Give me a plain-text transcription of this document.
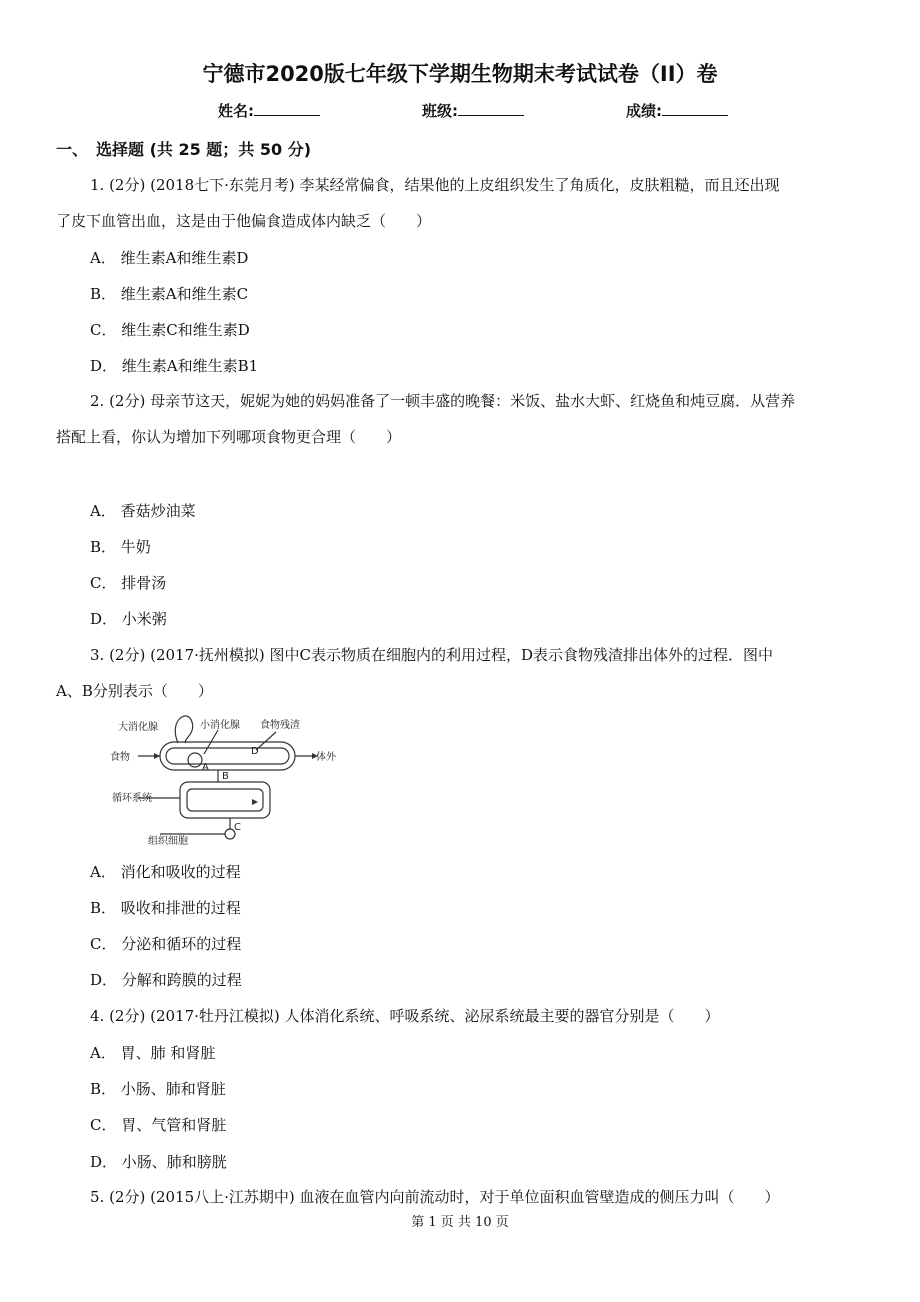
宁德市2020版七年级下学期生物期末考试试卷（II）卷
姓名:	班级:	成绩:
一、　选择题 (共 25 题；共 50 分)
1. (2分) (2018七下·东莞月考) 李某经常偏食，结果他的上皮组织发生了角质化，皮肤粗糙，而且还出现
了皮下血管出血，这是由于他偏食造成体内缺乏（　　）
A． 维生素A和维生素D
B． 维生素A和维生素C
C． 维生素C和维生素D
D． 维生素A和维生素B1
2. (2分) 母亲节这天，妮妮为她的妈妈准备了一顿丰盛的晚餐：米饭、盐水大虾、红烧鱼和炖豆腐．从营养
搭配上看，你认为增加下列哪项食物更合理（　　）
A． 香菇炒油菜
B． 牛奶
C． 排骨汤
D． 小米粥
3. (2分) (2017·抚州模拟) 图中C表示物质在细胞内的利用过程，D表示食物残渣排出体外的过程．图中
A、B分别表示（　　）
大消化腺	小消化腺 食物残渣
食物	体外
循环系统
组织细胞
A
B
C
D
A． 消化和吸收的过程
B． 吸收和排泄的过程
C． 分泌和循环的过程
D． 分解和跨膜的过程
4. (2分) (2017·牡丹江模拟) 人体消化系统、呼吸系统、泌尿系统最主要的器官分别是（　　）
A． 胃、肺 和肾脏
B． 小肠、肺和肾脏
C． 胃、气管和肾脏
D． 小肠、肺和膀胱
5. (2分) (2015八上·江苏期中) 血液在血管内向前流动时，对于单位面积血管壁造成的侧压力叫（　　）
第 1 页 共 10 页
